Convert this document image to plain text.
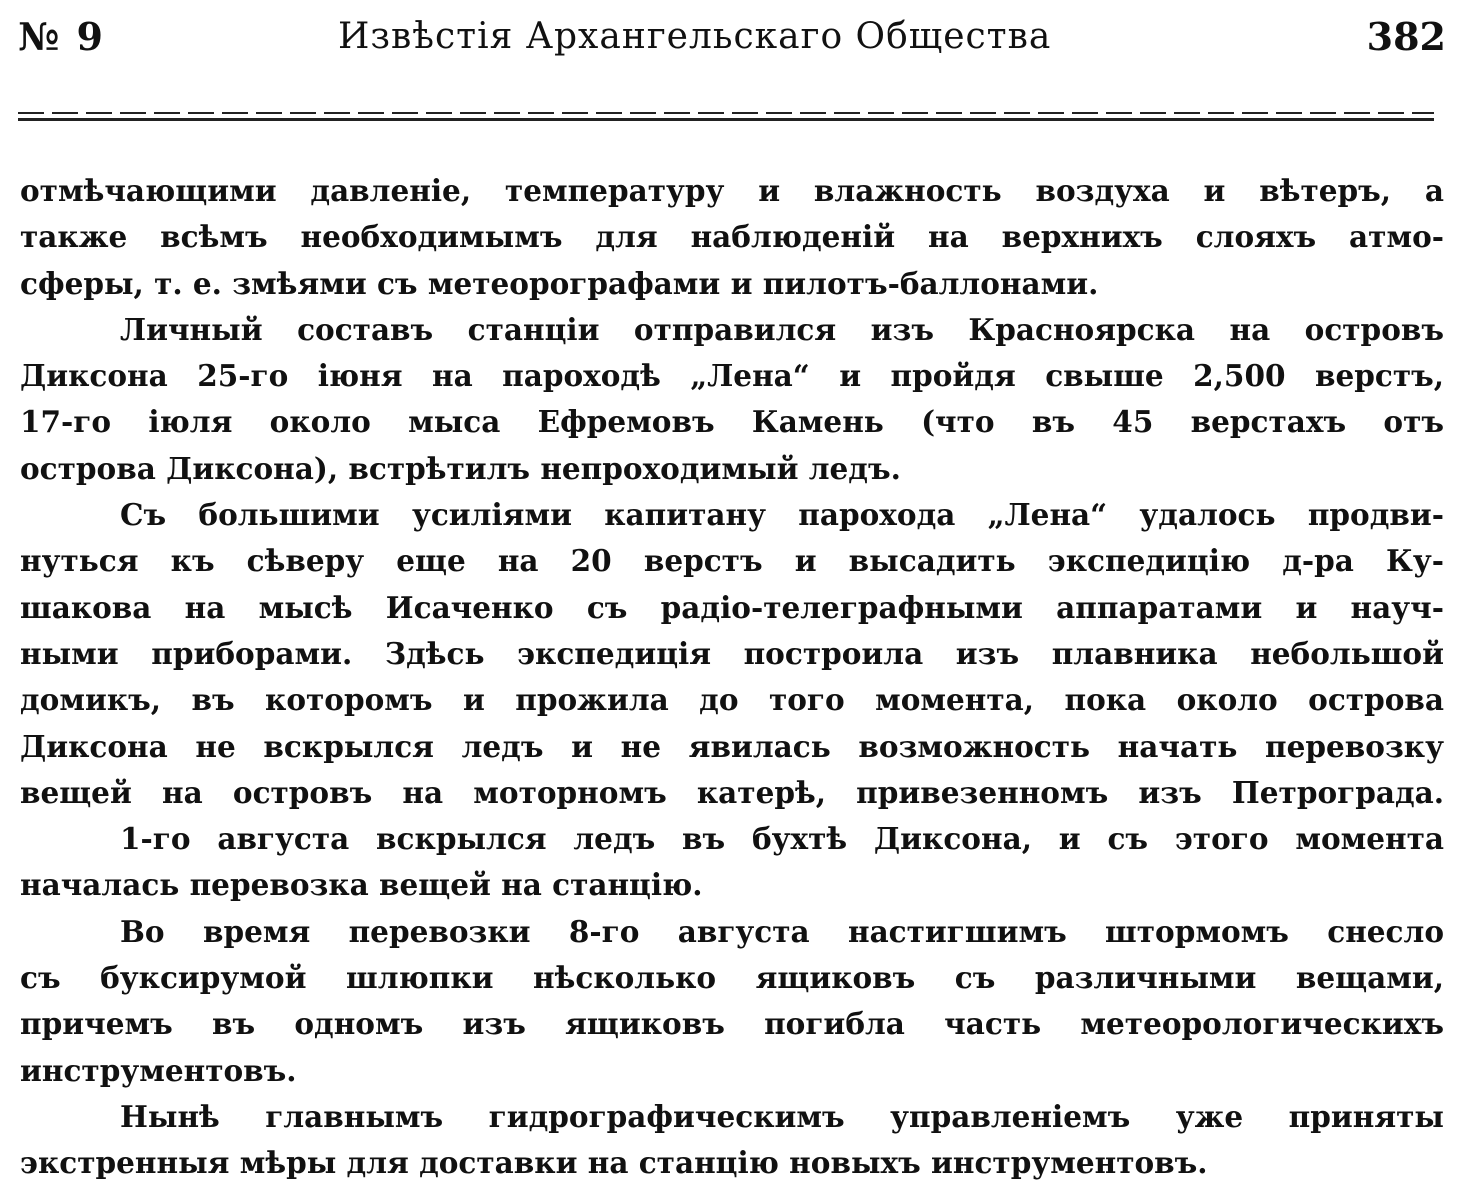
№ 9	Извѣстія Архангельскаго Общества	382
отмѣчающими давленіе, температуру и влажность воздуха и вѣтеръ, а
также всѣмъ необходимымъ для наблюденій на верхнихъ слояхъ атмо-
сферы, т. е. змѣями съ метеорографами и пилотъ-баллонами.
Личный составъ станціи отправился изъ Красноярска на островъ
Диксона 25-го іюня на пароходѣ „Лена“ и пройдя свыше 2,500 верстъ,
17-го іюля около мыса Ефремовъ Камень (что въ 45 верстахъ отъ
острова Диксона), встрѣтилъ непроходимый ледъ.
Съ большими усиліями капитану парохода „Лена“ удалось продви-
нуться къ сѣверу еще на 20 верстъ и высадить экспедицію д-ра Ку-
шакова на мысѣ Исаченко съ радіо-телеграфными аппаратами и науч-
ными приборами. Здѣсь экспедиція построила изъ плавника небольшой
домикъ, въ которомъ и прожила до того момента, пока около острова
Диксона не вскрылся ледъ и не явилась возможность начать перевозку
вещей на островъ на моторномъ катерѣ, привезенномъ изъ Петрограда.
1-го августа вскрылся ледъ въ бухтѣ Диксона, и съ этого момента
началась перевозка вещей на станцію.
Во время перевозки 8-го августа настигшимъ штормомъ снесло
съ буксирумой шлюпки нѣсколько ящиковъ съ различными вещами,
причемъ въ одномъ изъ ящиковъ погибла часть метеорологическихъ
инструментовъ.
Нынѣ главнымъ гидрографическимъ управленіемъ уже приняты
экстренныя мѣры для доставки на станцію новыхъ инструментовъ.
